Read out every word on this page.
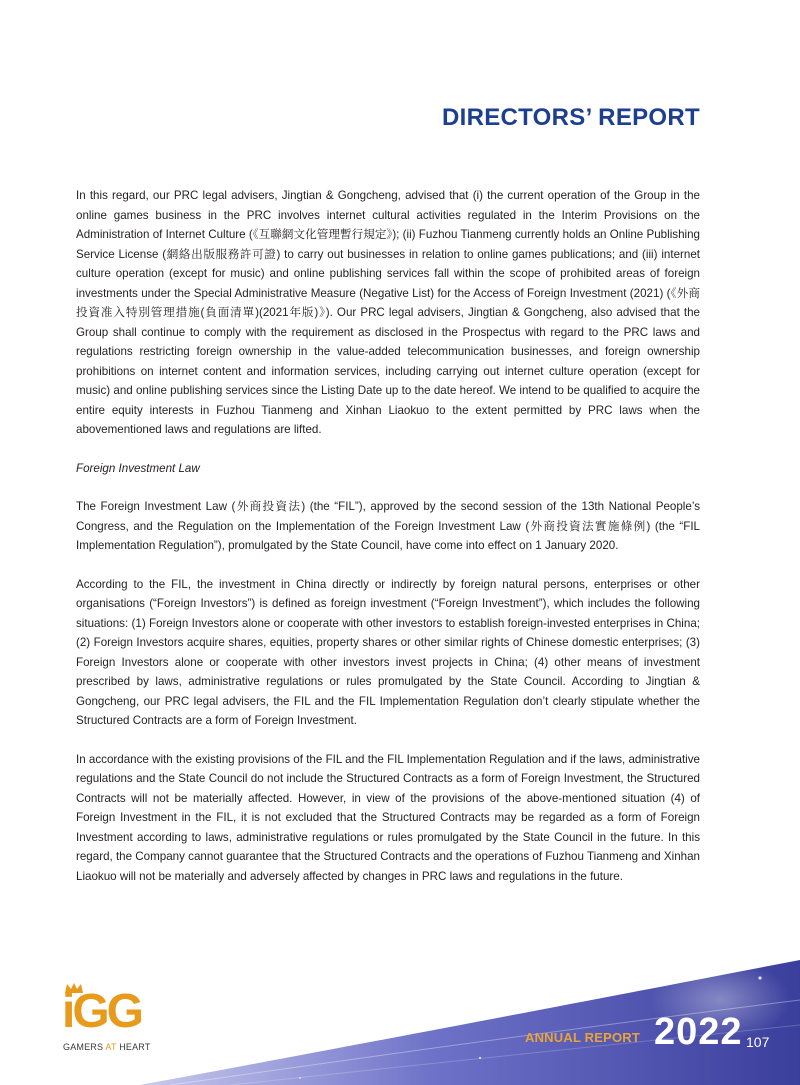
DIRECTORS’ REPORT

In this regard, our PRC legal advisers, Jingtian & Gongcheng, advised that (i) the current operation of the Group in the online games business in the PRC involves internet cultural activities regulated in the Interim Provisions on the Administration of Internet Culture (《互聯網文化管理暫行規定》); (ii) Fuzhou Tianmeng currently holds an Online Publishing Service License (網絡出版服務許可證) to carry out businesses in relation to online games publications; and (iii) internet culture operation (except for music) and online publishing services fall within the scope of prohibited areas of foreign investments under the Special Administrative Measure (Negative List) for the Access of Foreign Investment (2021) (《外商投資准入特別管理措施(負面清單)(2021年版)》). Our PRC legal advisers, Jingtian & Gongcheng, also advised that the Group shall continue to comply with the requirement as disclosed in the Prospectus with regard to the PRC laws and regulations restricting foreign ownership in the value-added telecommunication businesses, and foreign ownership prohibitions on internet content and information services, including carrying out internet culture operation (except for music) and online publishing services since the Listing Date up to the date hereof. We intend to be qualified to acquire the entire equity interests in Fuzhou Tianmeng and Xinhan Liaokuo to the extent permitted by PRC laws when the abovementioned laws and regulations are lifted.

Foreign Investment Law

The Foreign Investment Law (外商投資法) (the “FIL”), approved by the second session of the 13th National People’s Congress, and the Regulation on the Implementation of the Foreign Investment Law (外商投資法實施條例) (the “FIL Implementation Regulation”), promulgated by the State Council, have come into effect on 1 January 2020.

According to the FIL, the investment in China directly or indirectly by foreign natural persons, enterprises or other organisations (“Foreign Investors”) is defined as foreign investment (“Foreign Investment”), which includes the following situations: (1) Foreign Investors alone or cooperate with other investors to establish foreign-invested enterprises in China; (2) Foreign Investors acquire shares, equities, property shares or other similar rights of Chinese domestic enterprises; (3) Foreign Investors alone or cooperate with other investors invest projects in China; (4) other means of investment prescribed by laws, administrative regulations or rules promulgated by the State Council. According to Jingtian & Gongcheng, our PRC legal advisers, the FIL and the FIL Implementation Regulation don’t clearly stipulate whether the Structured Contracts are a form of Foreign Investment.

In accordance with the existing provisions of the FIL and the FIL Implementation Regulation and if the laws, administrative regulations and the State Council do not include the Structured Contracts as a form of Foreign Investment, the Structured Contracts will not be materially affected. However, in view of the provisions of the above-mentioned situation (4) of Foreign Investment in the FIL, it is not excluded that the Structured Contracts may be regarded as a form of Foreign Investment according to laws, administrative regulations or rules promulgated by the State Council in the future. In this regard, the Company cannot guarantee that the Structured Contracts and the operations of Fuzhou Tianmeng and Xinhan Liaokuo will not be materially and adversely affected by changes in PRC laws and regulations in the future.

iGG
GAMERS AT HEART
ANNUAL REPORT 2022 107
